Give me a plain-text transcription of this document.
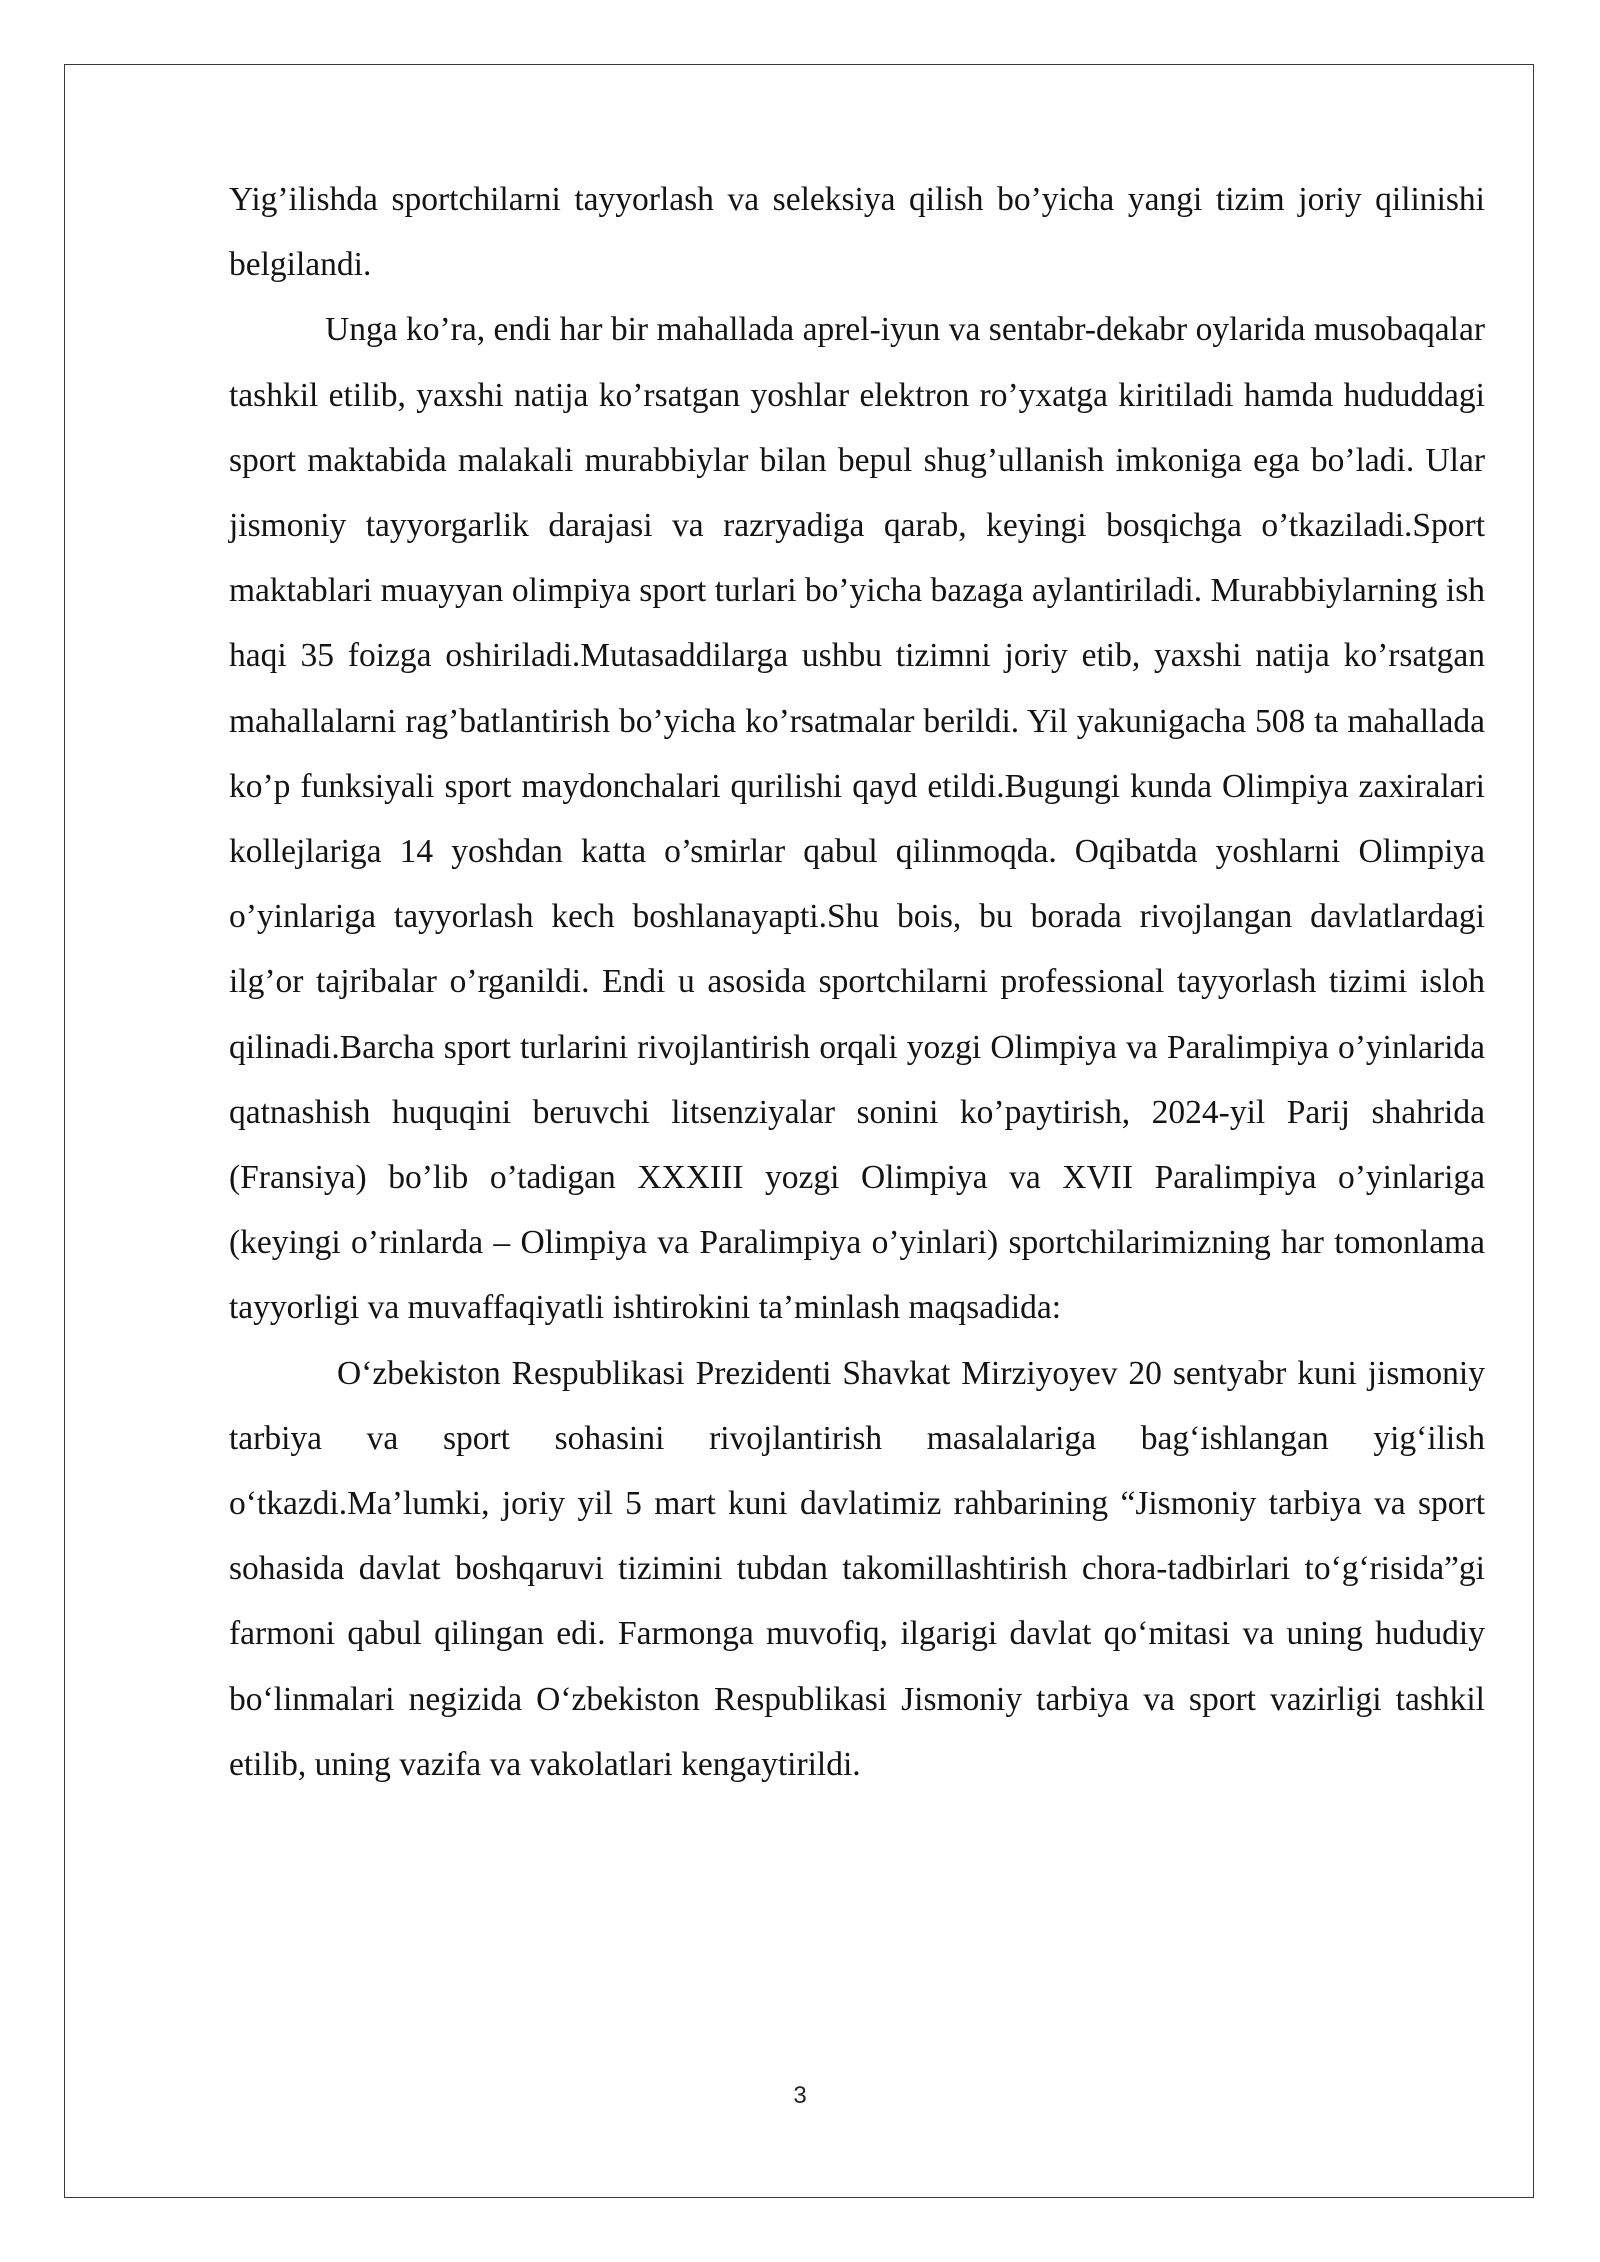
Yig’ilishda sportchilarni tayyorlash va seleksiya qilish bo’yicha yangi tizim joriy qilinishi belgilandi.

Unga ko’ra, endi har bir mahallada aprel-iyun va sentabr-dekabr oylarida musobaqalar tashkil etilib, yaxshi natija ko’rsatgan yoshlar elektron ro’yxatga kiritiladi hamda hududdagi sport maktabida malakali murabbiylar bilan bepul shug’ullanish imkoniga ega bo’ladi. Ular jismoniy tayyorgarlik darajasi va razryadiga qarab, keyingi bosqichga o’tkaziladi.Sport maktablari muayyan olimpiya sport turlari bo’yicha bazaga aylantiriladi. Murabbiylarning ish haqi 35 foizga oshiriladi.Mutasaddilarga ushbu tizimni joriy etib, yaxshi natija ko’rsatgan mahallalarni rag’batlantirish bo’yicha ko’rsatmalar berildi. Yil yakunigacha 508 ta mahallada ko’p funksiyali sport maydonchalari qurilishi qayd etildi.Bugungi kunda Olimpiya zaxiralari kollejlariga 14 yoshdan katta o’smirlar qabul qilinmoqda. Oqibatda yoshlarni Olimpiya o’yinlariga tayyorlash kech boshlanayapti.Shu bois, bu borada rivojlangan davlatlardagi ilg’or tajribalar o’rganildi. Endi u asosida sportchilarni professional tayyorlash tizimi isloh qilinadi.Barcha sport turlarini rivojlantirish orqali yozgi Olimpiya va Paralimpiya o’yinlarida qatnashish huquqini beruvchi litsenziyalar sonini ko’paytirish, 2024-yil Parij shahrida (Fransiya) bo’lib o’tadigan XXXIII yozgi Olimpiya va XVII Paralimpiya o’yinlariga (keyingi o’rinlarda – Olimpiya va Paralimpiya o’yinlari) sportchilarimizning har tomonlama tayyorligi va muvaffaqiyatli ishtirokini ta’minlash maqsadida:

O‘zbekiston Respublikasi Prezidenti Shavkat Mirziyoyev 20 sentyabr kuni jismoniy tarbiya va sport sohasini rivojlantirish masalalariga bag‘ishlangan yig‘ilish o‘tkazdi.Ma’lumki, joriy yil 5 mart kuni davlatimiz rahbarining “Jismoniy tarbiya va sport sohasida davlat boshqaruvi tizimini tubdan takomillashtirish chora-tadbirlari to‘g‘risida”gi farmoni qabul qilingan edi. Farmonga muvofiq, ilgarigi davlat qo‘mitasi va uning hududiy bo‘linmalari negizida O‘zbekiston Respublikasi Jismoniy tarbiya va sport vazirligi tashkil etilib, uning vazifa va vakolatlari kengaytirildi.

3
